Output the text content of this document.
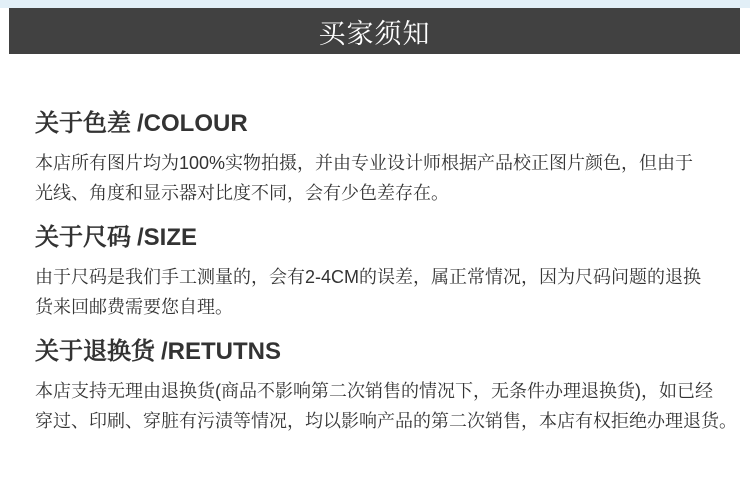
买家须知
关于色差 /COLOUR

本店所有图片均为100%实物拍摄，并由专业设计师根据产品校正图片颜色，但由于

光线、角度和显示器对比度不同，会有少色差存在。

关于尺码 /SIZE

由于尺码是我们手工测量的，会有2-4CM的误差，属正常情况，因为尺码问题的退换

货来回邮费需要您自理。

关于退换货 /RETUTNS

本店支持无理由退换货(商品不影响第二次销售的情况下，无条件办理退换货)，如已经

穿过、印刷、穿脏有污渍等情况，均以影响产品的第二次销售，本店有权拒绝办理退货。
